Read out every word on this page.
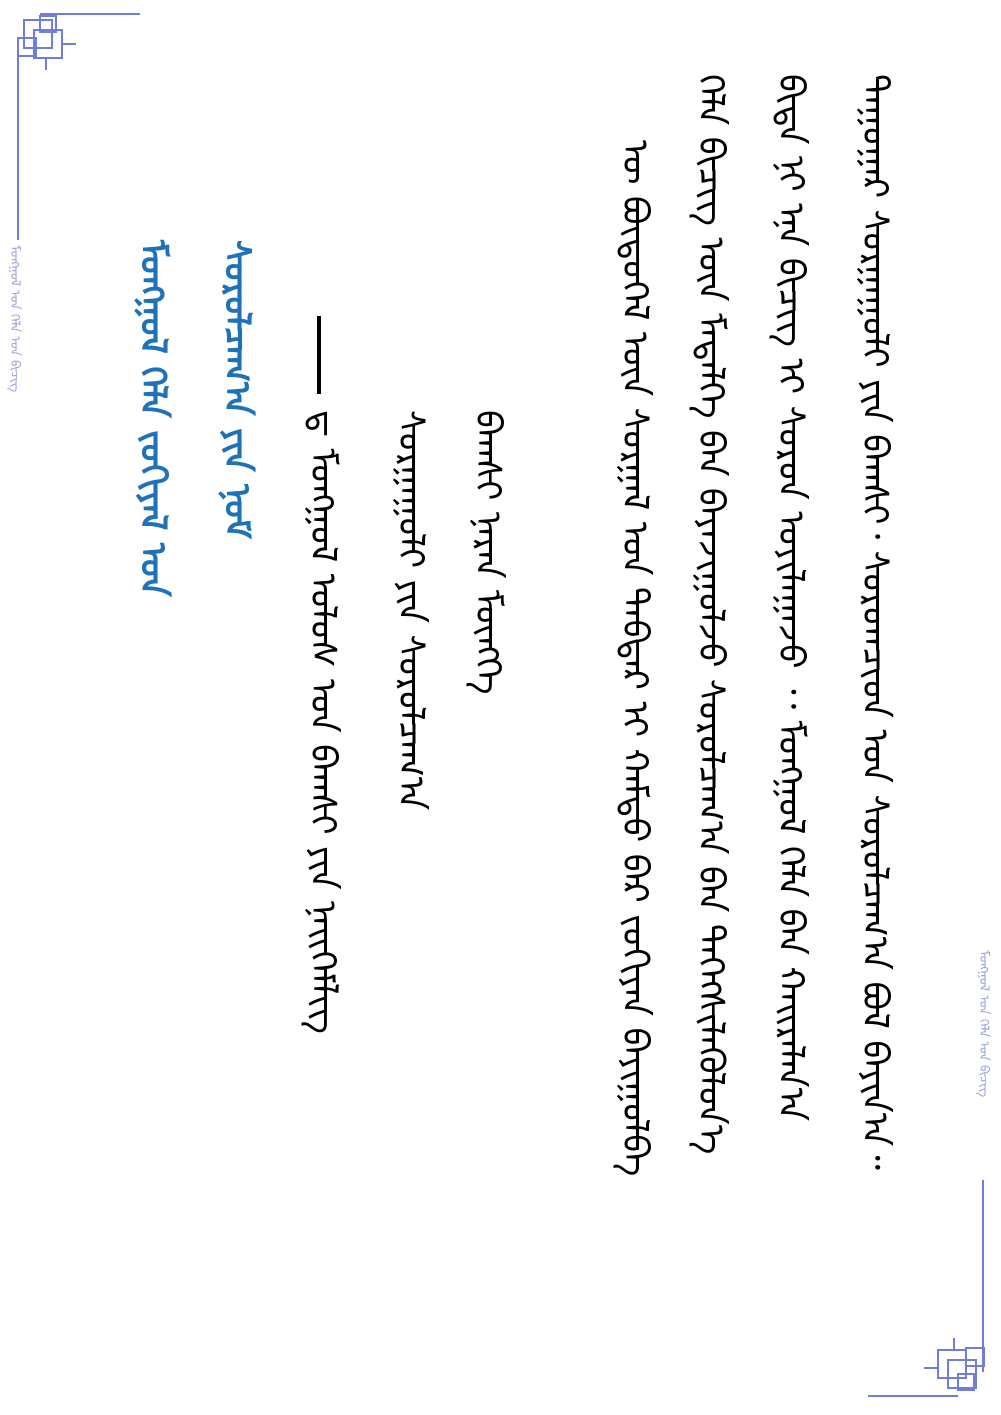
ᠮᠣᠩᠭᠣᠯ ᠤᠨ ᠬᠡᠯᠡ ᠤᠨ ᠪᠢᠴᠢᠭ᠌
ᠮᠣᠩᠭᠣᠯ ᠤᠨ ᠬᠡᠯᠡ ᠤᠨ ᠪᠢᠴᠢᠭ᠌
ᠳᠠᠭᠤᠭᠠᠷ ᠰᠤᠷᠭᠠᠭᠤᠯᠢ ᠶᠢᠨ ᠪᠠᠭᠰᠢ᠂ ᠰᠤᠷᠤᠭᠴᠢᠳ ᠤᠨ ᠰᠤᠷᠤᠯᠴᠠᠭ᠎ᠠ ᠪᠣᠯ ᠪᠠᠶᠢᠨ᠎ᠠ᠃
ᠪᠢᠳᠡ ᠨᠢ ᠡᠨᠡ ᠪᠢᠴᠢᠭ ᠢ ᠰᠤᠷᠤᠨ ᠣᠶᠢᠯᠠᠭᠠᠵᠤ ᠂᠂ ᠮᠣᠩᠭᠣᠯ ᠬᠡᠯᠡ ᠪᠠᠨ ᠬᠠᠢᠷᠠᠯᠠᠨ᠎ᠠ
ᠬᠡᠯᠡ ᠪᠢᠴᠢᠭ ᠦᠨ ᠮᠡᠳᠡᠯᠭᠡ ᠪᠡᠨ ᠪᠠᠶᠠᠵᠢᠭᠤᠯᠵᠤ ᠰᠤᠷᠤᠯᠴᠠᠭ᠎ᠠ ᠪᠠᠨ ᠳᠡᠭᠡᠭᠰᠢᠯᠡᠭᠦᠯᠦᠨ᠎ᠡ
ᠦ ᠪᠦᠲᠦᠭᠡᠯ ᠦᠨ ᠰᠤᠷᠭᠠᠯ ᠤᠨ ᠳᠡᠪᠲᠡᠷ ᠢ ᠬᠠᠮᠲᠤ ᠪᠡᠷ ᠵᠣᠬᠢᠶᠠᠨ ᠪᠠᠶᠢᠭᠤᠯᠪᠠ
ᠪᠠᠭᠰᠢ ᠨᠠᠷᠠᠨ ᠮᠥᠩᠬᠡ
ᠰᠤᠷᠭᠠᠭᠤᠯᠢ ᠶᠢᠨ ᠰᠤᠷᠤᠯᠴᠠᠭ᠎ᠠ
ᠳ ᠮᠣᠩᠭᠣᠯ ᠤᠯᠤᠰ ᠤᠨ ᠪᠠᠭᠰᠢ ᠶᠢᠨ ᠨᠡᠢᠭᠡᠮᠯᠢᠭ
ᠰᠤᠷᠤᠯᠴᠠᠭ᠎ᠠ ᠶᠢᠨ ᠨᠣᠮ
ᠮᠣᠩᠭᠣᠯ ᠬᠡᠯᠡ ᠵᠣᠬᠢᠶᠠᠯ ᠤᠨ
